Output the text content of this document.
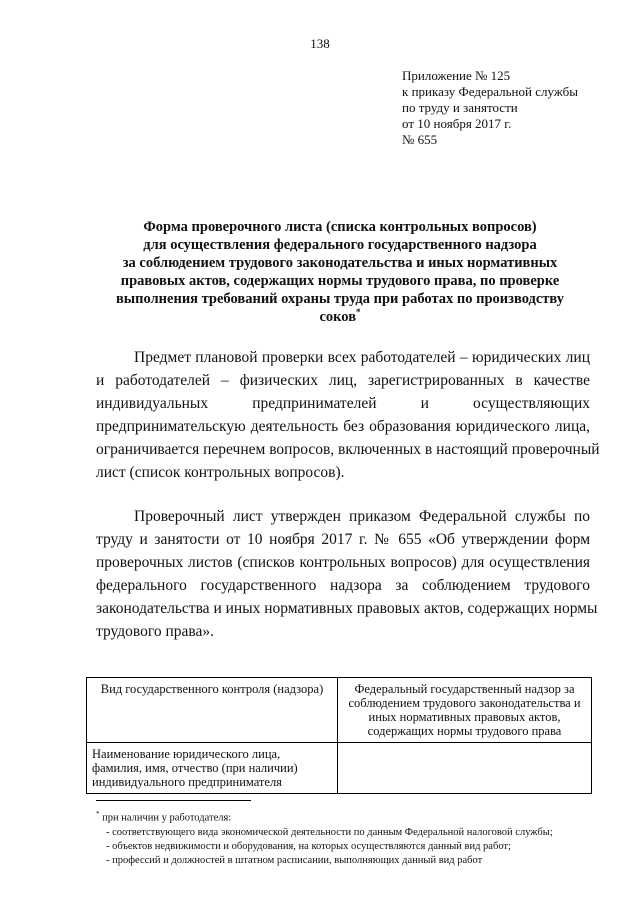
138
Приложение № 125
к приказу Федеральной службы
по труду и занятости
от 10 ноября 2017 г.
№ 655
Форма проверочного листа (списка контрольных вопросов)
для осуществления федерального государственного надзора
за соблюдением трудового законодательства и иных нормативных
правовых актов, содержащих нормы трудового права, по проверке
выполнения требований охраны труда при работах по производству
соков*
Предмет плановой проверки всех работодателей – юридических лиц
и работодателей – физических лиц, зарегистрированных в качестве
индивидуальных предпринимателей и осуществляющих
предпринимательскую деятельность без образования юридического лица,
ограничивается перечнем вопросов, включенных в настоящий проверочный
лист (список контрольных вопросов).
Проверочный лист утвержден приказом Федеральной службы по
труду и занятости от 10 ноября 2017 г. № 655 «Об утверждении форм
проверочных листов (списков контрольных вопросов) для осуществления
федерального государственного надзора за соблюдением трудового
законодательства и иных нормативных правовых актов, содержащих нормы
трудового права».
Вид государственного контроля (надзора)	Федеральный государственный надзор за соблюдением трудового законодательства и иных нормативных правовых актов, содержащих нормы трудового права
Наименование юридического лица, фамилия, имя, отчество (при наличии) индивидуального предпринимателя	
* при наличии у работодателя:
- соответствующего вида экономической деятельности по данным Федеральной налоговой службы;
- объектов недвижимости и оборудования, на которых осуществляются данный вид работ;
- профессий и должностей в штатном расписании, выполняющих данный вид работ
